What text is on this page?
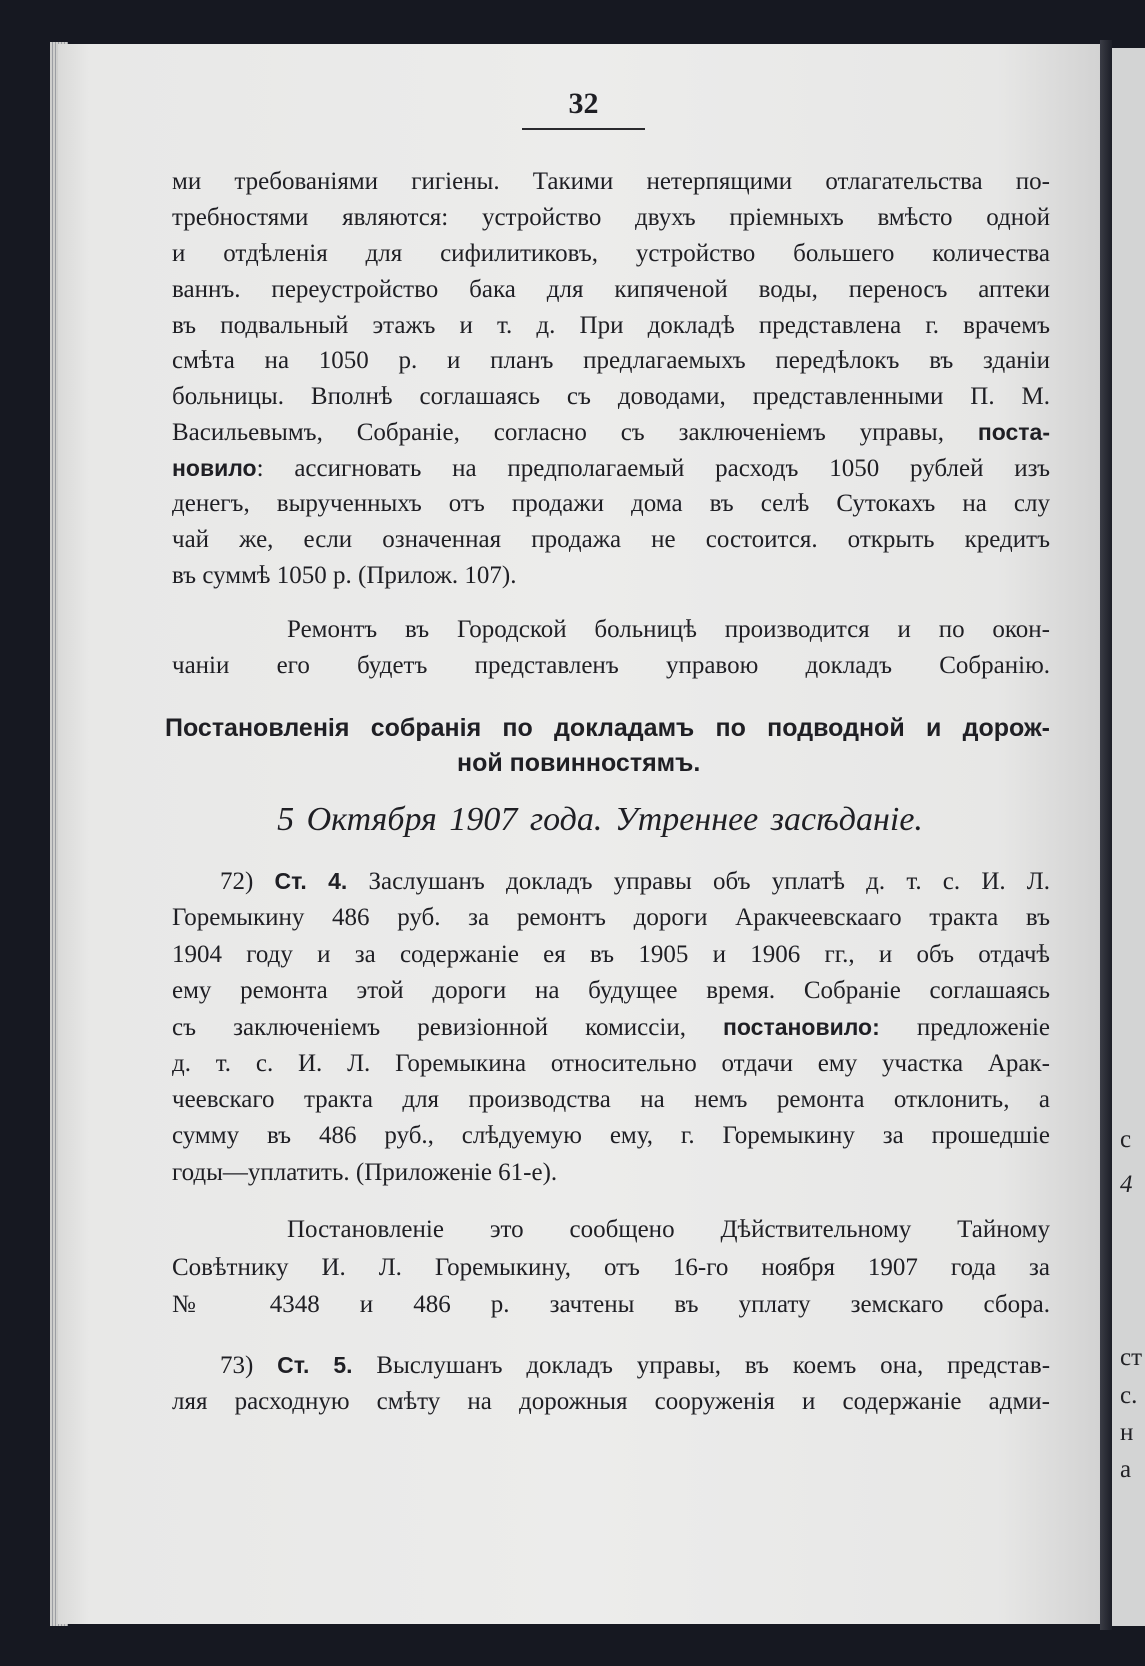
32
ми требованіями гигіены. Такими нетерпящими отлагательства по-
требностями являются: устройство двухъ пріемныхъ вмѣсто одной
и отдѣленія для сифилитиковъ, устройство большего количества
ваннъ. переустройство бака для кипяченой воды, переносъ аптеки
въ подвальный этажъ и т. д. При докладѣ представлена г. врачемъ
смѣта на 1050 р. и планъ предлагаемыхъ передѣлокъ въ зданіи
больницы. Вполнѣ соглашаясь съ доводами, представленными П. М.
Васильевымъ, Собраніе, согласно съ заключеніемъ управы, поста-
новило: ассигновать на предполагаемый расходъ 1050 рублей изъ
денегъ, вырученныхъ отъ продажи дома въ селѣ Сутокахъ на слу
чай же, если означенная продажа не состоится. открыть кредитъ
въ суммѣ 1050 р. (Прилож. 107).
Ремонтъ въ Городской больницѣ производится и по окон-
чаніи его будетъ представленъ управою докладъ Собранію.
Постановленія собранія по докладамъ по подводной и дорож-
ной повинностямъ.
5 Октября 1907 года. Утреннее засѣданіе.
72) Ст. 4. Заслушанъ докладъ управы объ уплатѣ д. т. с. И. Л.
Горемыкину 486 руб. за ремонтъ дороги Аракчеевскааго тракта въ
1904 году и за содержаніе ея въ 1905 и 1906 гг., и объ отдачѣ
ему ремонта этой дороги на будущее время. Собраніе соглашаясь
съ заключеніемъ ревизіонной комиссіи, постановило: предложеніе
д. т. с. И. Л. Горемыкина относительно отдачи ему участка Арак-
чеевскаго тракта для производства на немъ ремонта отклонить, а
сумму въ 486 руб., слѣдуемую ему, г. Горемыкину за прошедшіе
годы—уплатить. (Приложеніе 61-е).
Постановленіе это сообщено Дѣйствительному Тайному
Совѣтнику И. Л. Горемыкину, отъ 16-го ноября 1907 года за
№ 4348 и 486 р. зачтены въ уплату земскаго сбора.
73) Ст. 5. Выслушанъ докладъ управы, въ коемъ она, представ-
ляя расходную смѣту на дорожныя сооруженія и содержаніе адми-
с
4
ст
с.
н
а
